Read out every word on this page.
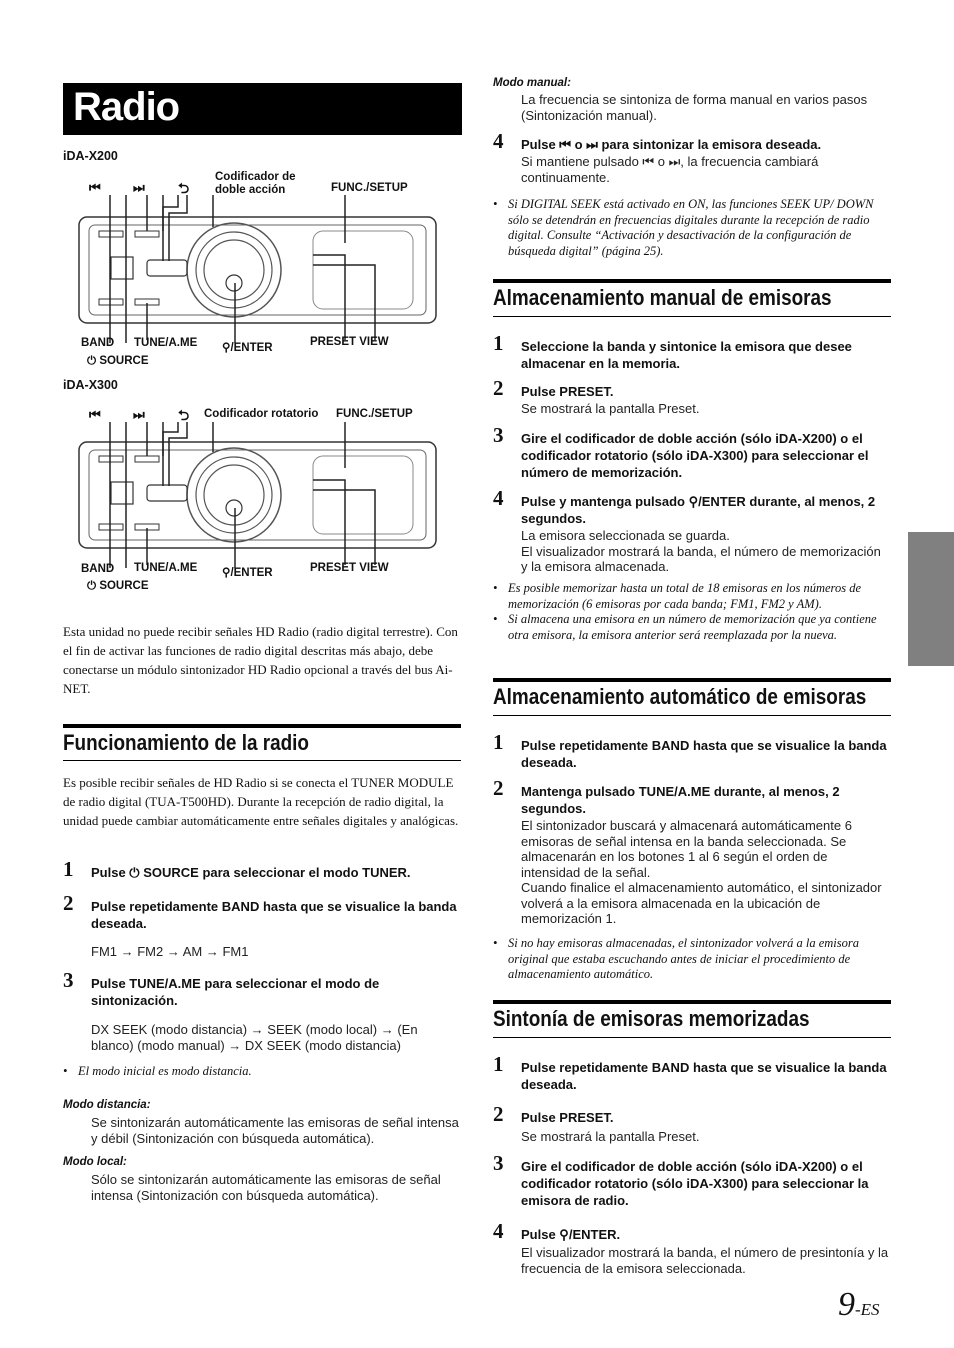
Radio
iDA-X200
⏮ ⏭ ⮌
Codificador de doble acción	FUNC./SETUP
BAND TUNE/A.ME ⚲/ENTER	PRESET VIEW
⏻ SOURCE
iDA-X300
⏮ ⏭ ⮌ Codificador rotatorio FUNC./SETUP
BAND TUNE/A.ME ⚲/ENTER	PRESET VIEW
⏻ SOURCE
Esta unidad no puede recibir señales HD Radio (radio digital terrestre). Con el fin de activar las funciones de radio digital descritas más abajo, debe conectarse un módulo sintonizador HD Radio opcional a través del bus Ai-NET.
Funcionamiento de la radio
Es posible recibir señales de HD Radio si se conecta el TUNER MODULE de radio digital (TUA-T500HD). Durante la recepción de radio digital, la unidad puede cambiar automáticamente entre señales digitales y analógicas.
1 Pulse ⏻ SOURCE para seleccionar el modo TUNER.
2 Pulse repetidamente BAND hasta que se visualice la banda deseada.
FM1 → FM2 → AM → FM1
3 Pulse TUNE/A.ME para seleccionar el modo de sintonización.
DX SEEK (modo distancia) → SEEK (modo local) → (En blanco) (modo manual) → DX SEEK (modo distancia)
• El modo inicial es modo distancia.
Modo distancia:
Se sintonizarán automáticamente las emisoras de señal intensa y débil (Sintonización con búsqueda automática).
Modo local:
Sólo se sintonizarán automáticamente las emisoras de señal intensa (Sintonización con búsqueda automática).
Modo manual:
La frecuencia se sintoniza de forma manual en varios pasos (Sintonización manual).
4 Pulse ⏮ o ⏭ para sintonizar la emisora deseada.
Si mantiene pulsado ⏮ o ⏭, la frecuencia cambiará continuamente.
• Si DIGITAL SEEK está activado en ON, las funciones SEEK UP/ DOWN sólo se detendrán en frecuencias digitales durante la recepción de radio digital. Consulte “Activación y desactivación de la configuración de búsqueda digital” (página 25).
Almacenamiento manual de emisoras
1 Seleccione la banda y sintonice la emisora que desee almacenar en la memoria.
2 Pulse PRESET.
Se mostrará la pantalla Preset.
3 Gire el codificador de doble acción (sólo iDA-X200) o el codificador rotatorio (sólo iDA-X300) para seleccionar el número de memorización.
4 Pulse y mantenga pulsado ⚲/ENTER durante, al menos, 2 segundos.
La emisora seleccionada se guarda.
El visualizador mostrará la banda, el número de memorización y la emisora almacenada.
• Es posible memorizar hasta un total de 18 emisoras en los números de memorización (6 emisoras por cada banda; FM1, FM2 y AM).
• Si almacena una emisora en un número de memorización que ya contiene otra emisora, la emisora anterior será reemplazada por la nueva.
Almacenamiento automático de emisoras
1 Pulse repetidamente BAND hasta que se visualice la banda deseada.
2 Mantenga pulsado TUNE/A.ME durante, al menos, 2 segundos.
El sintonizador buscará y almacenará automáticamente 6 emisoras de señal intensa en la banda seleccionada. Se almacenarán en los botones 1 al 6 según el orden de intensidad de la señal.
Cuando finalice el almacenamiento automático, el sintonizador volverá a la emisora almacenada en la ubicación de memorización 1.
• Si no hay emisoras almacenadas, el sintonizador volverá a la emisora original que estaba escuchando antes de iniciar el procedimiento de almacenamiento automático.
Sintonía de emisoras memorizadas
1 Pulse repetidamente BAND hasta que se visualice la banda deseada.
2 Pulse PRESET.
Se mostrará la pantalla Preset.
3 Gire el codificador de doble acción (sólo iDA-X200) o el codificador rotatorio (sólo iDA-X300) para seleccionar la emisora de radio.
4 Pulse ⚲/ENTER.
El visualizador mostrará la banda, el número de presintonía y la frecuencia de la emisora seleccionada.
9-ES
